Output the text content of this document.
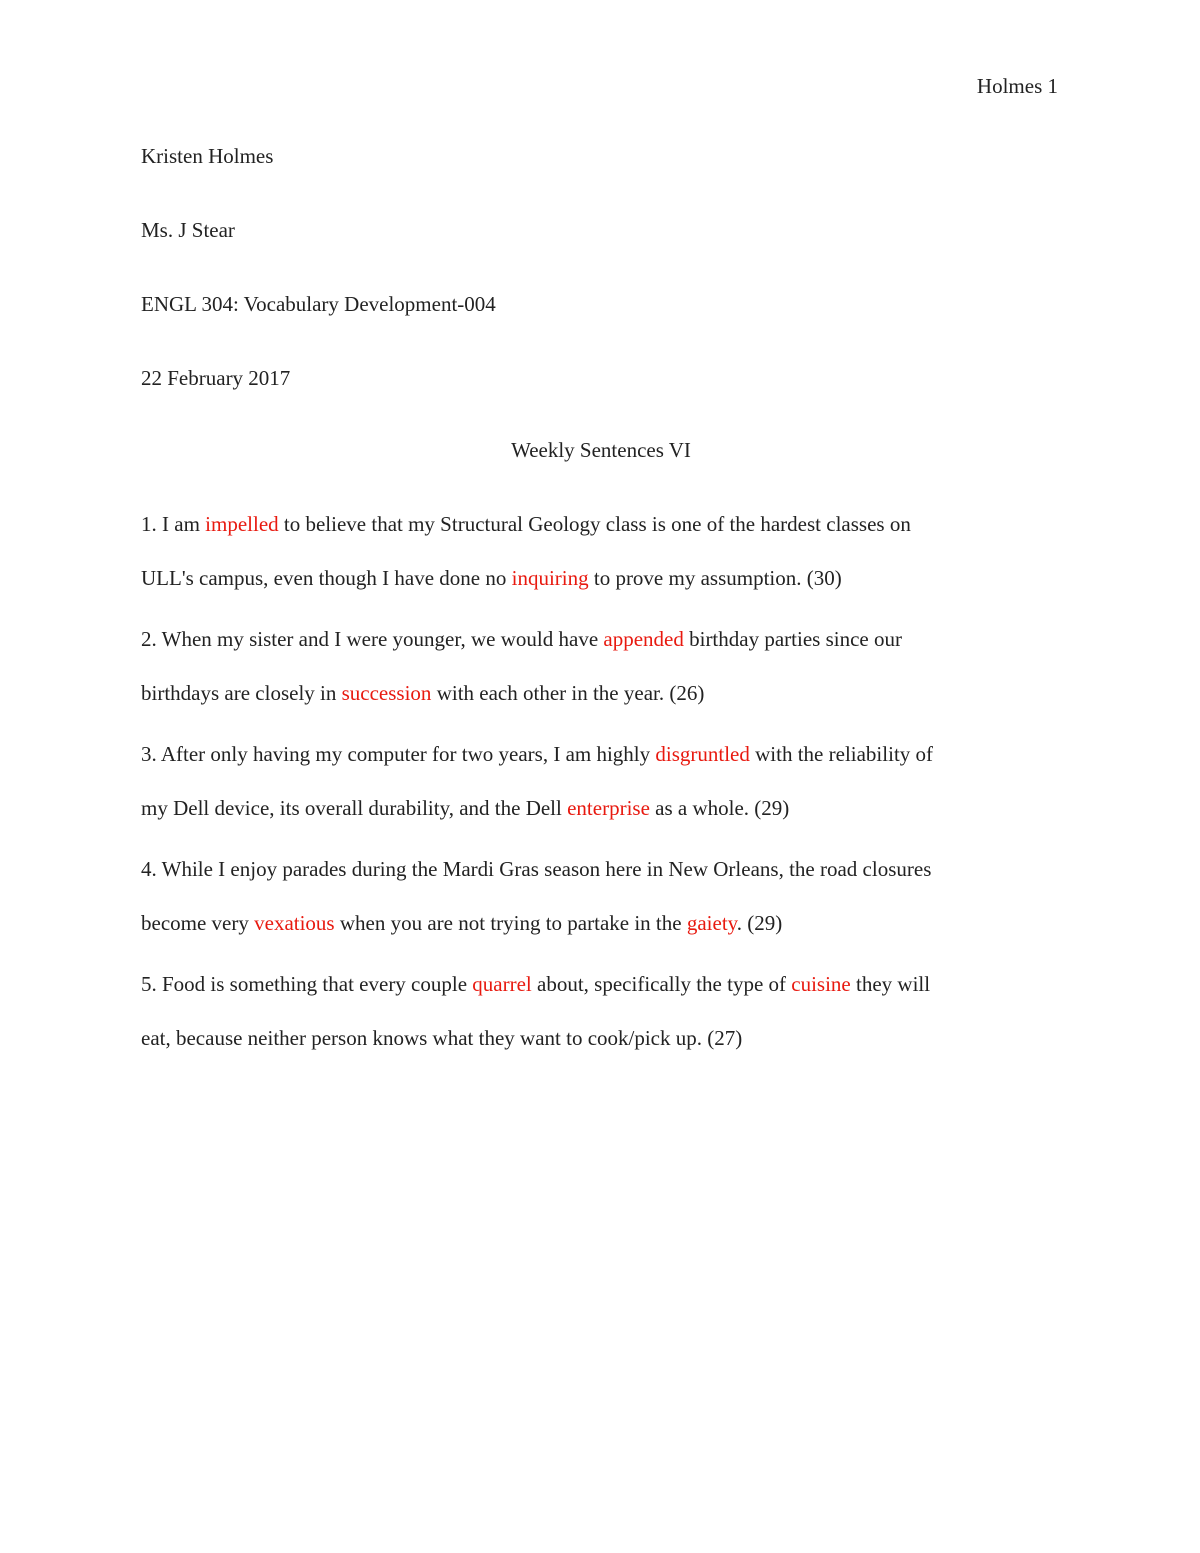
Holmes 1
Kristen Holmes
Ms. J Stear
ENGL 304: Vocabulary Development-004
22 February 2017
Weekly Sentences VI

1. I am impelled to believe that my Structural Geology class is one of the hardest classes on
ULL's campus, even though I have done no inquiring to prove my assumption. (30)

2. When my sister and I were younger, we would have appended birthday parties since our
birthdays are closely in succession with each other in the year. (26)

3. After only having my computer for two years, I am highly disgruntled with the reliability of
my Dell device, its overall durability, and the Dell enterprise as a whole. (29)

4. While I enjoy parades during the Mardi Gras season here in New Orleans, the road closures
become very vexatious when you are not trying to partake in the gaiety. (29)

5. Food is something that every couple quarrel about, specifically the type of cuisine they will
eat, because neither person knows what they want to cook/pick up. (27)
